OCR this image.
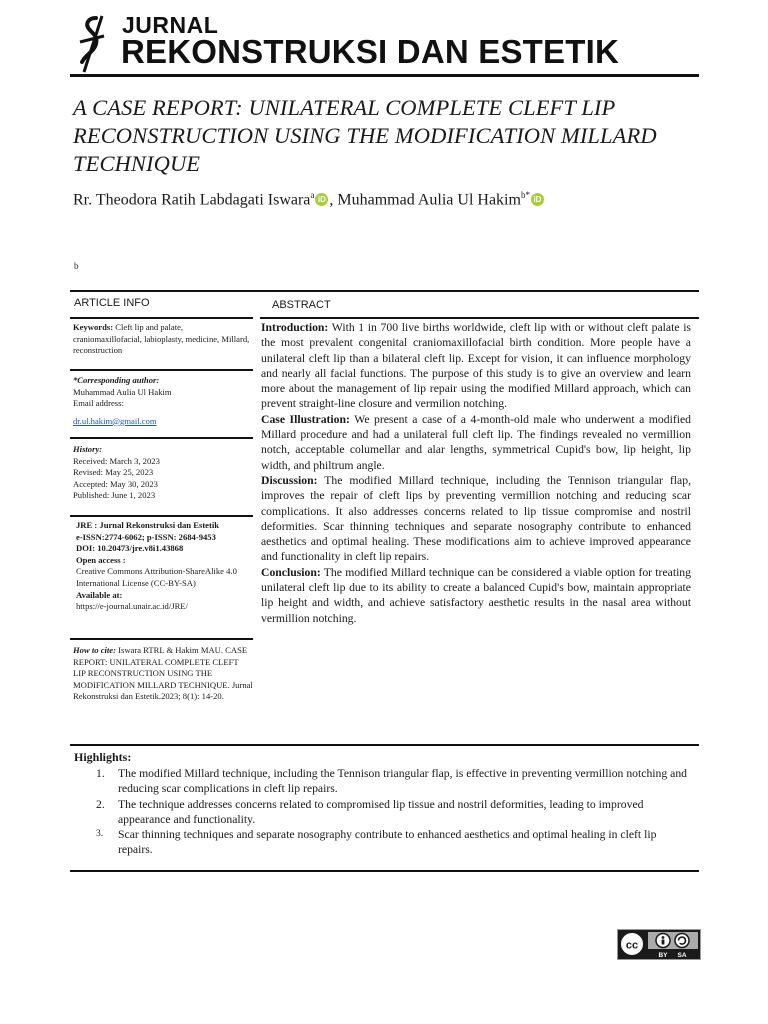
JURNAL
REKONSTRUKSI DAN ESTETIK
A CASE REPORT: UNILATERAL COMPLETE CLEFT LIP RECONSTRUCTION USING THE MODIFICATION MILLARD TECHNIQUE
Rr. Theodora Ratih Labdagati Iswara$^a$ iD , Muhammad Aulia Ul Hakim$^{b*}$ iD
b
ARTICLE INFO	ABSTRACT
Keywords: Cleft lip and palate, craniomaxillofacial, labioplasty, medicine, Millard, reconstruction
*Corresponding author:
Muhammad Aulia Ul Hakim
Email address:
dr.ul.hakim@gmail.com
History:
Received: March 3, 2023
Revised: May 25, 2023
Accepted: May 30, 2023
Published: June 1, 2023
JRE : Jurnal Rekonstruksi dan Estetik
e-ISSN:2774-6062; p-ISSN: 2684-9453
DOI: 10.20473/jre.v8i1.43868
Open access :
Creative Commons Attribution-ShareAlike 4.0 International License (CC-BY-SA)
Available at:
https://e-journal.unair.ac.id/JRE/
How to cite: Iswara RTRL & Hakim MAU. CASE REPORT: UNILATERAL COMPLETE CLEFT LIP RECONSTRUCTION USING THE MODIFICATION MILLARD TECHNIQUE. Jurnal Rekonstruksi dan Estetik.2023; 8(1): 14-20.

Introduction: With 1 in 700 live births worldwide, cleft lip with or without cleft palate is the most prevalent congenital craniomaxillofacial birth condition. More people have a unilateral cleft lip than a bilateral cleft lip. Except for vision, it can influence morphology and nearly all facial functions. The purpose of this study is to give an overview and learn more about the management of lip repair using the modified Millard approach, which can prevent straight-line closure and vermilion notching.

Case Illustration: We present a case of a 4-month-old male who underwent a modified Millard procedure and had a unilateral full cleft lip. The findings revealed no vermillion notch, acceptable columellar and alar lengths, symmetrical Cupid's bow, lip height, lip width, and philtrum angle.

Discussion: The modified Millard technique, including the Tennison triangular flap, improves the repair of cleft lips by preventing vermillion notching and reducing scar complications. It also addresses concerns related to lip tissue compromise and nostril deformities. Scar thinning techniques and separate nosography contribute to enhanced aesthetics and optimal healing. These modifications aim to achieve improved appearance and functionality in cleft lip repairs.

Conclusion: The modified Millard technique can be considered a viable option for treating unilateral cleft lip due to its ability to create a balanced Cupid's bow, maintain appropriate lip height and width, and achieve satisfactory aesthetic results in the nasal area without vermillion notching.

Highlights:
1.	The modified Millard technique, including the Tennison triangular flap, is effective in preventing vermillion notching and reducing scar complications in cleft lip repairs.
2.	The technique addresses concerns related to compromised lip tissue and nostril deformities, leading to improved appearance and functionality.
3.	Scar thinning techniques and separate nosography contribute to enhanced aesthetics and optimal healing in cleft lip repairs.
cc
BY SA
